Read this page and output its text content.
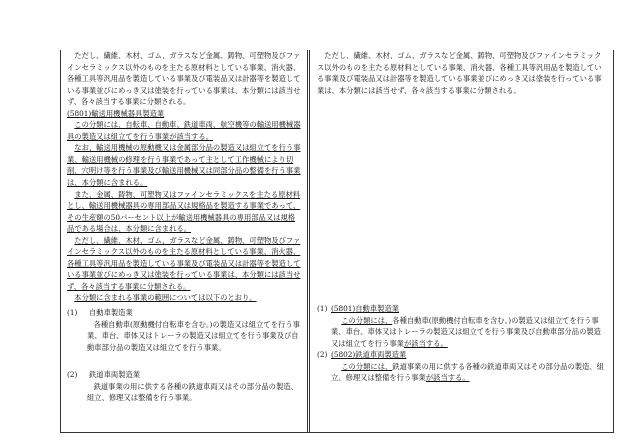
ただし、繊維、木材、ゴム、ガラスなど金属、鋳物、可塑物及びファインセラミックス以外のものを主たる原材料としている事業、消火器、各種工具等汎用品を製造している事業及び電装品又は計器等を製造している事業並びにめっき又は塗装を行っている事業は、本分類には該当せず、各々該当する事業に分類される。

(5801)輸送用機械器具製造業

この分類には、自転車、自動車、鉄道車両、航空機等の輸送用機械器具の製造又は組立てを行う事業が該当する。

なお、輸送用機械の原動機又は金属部分品の製造又は組立てを行う事業、輸送用機械の修理を行う事業であって主として工作機械により切削、穴明け等を行う事業及び輸送用機械又は同部分品の整備を行う事業は、本分類に含まれる。

また、金属、鋳物、可塑物又はファインセラミックスを主たる原材料とし、輸送用機械器具の専用部品又は規格品を製造する事業であって、その生産額の50パーセント以上が輸送用機械器具の専用部品又は規格品である場合は、本分類に含まれる。

ただし、繊維、木材、ゴム、ガラスなど金属、鋳物、可塑物及びファインセラミックス以外のものを主たる原材料としている事業、消火器、各種工具等汎用品を製造している事業及び電装品又は計器等を製造している事業並びにめっき又は塗装を行っている事業は、本分類には該当せず、各々該当する事業に分類される。

本分類に含まれる事業の範囲については以下のとおり。

(1)	自動車製造業

各種自動車(原動機付自転車を含む。)の製造又は組立てを行う事業、車台、車体又はトレーラの製造又は組立てを行う事業及び自動車部分品の製造又は組立てを行う事業。

(2)	鉄道車両製造業

鉄道事業の用に供する各種の鉄道車両又はその部分品の製造、組立、修理又は整備を行う事業。

ただし、繊維、木材、ゴム、ガラスなど金属、鋳物、可塑物及びファインセラミックス以外のものを主たる原材料としている事業、消火器、各種工具等汎用品を製造している事業及び電装品又は計器等を製造している事業並びにめっき又は塗装を行っている事業は、本分類には該当せず、各々該当する事業に分類される。

(1) (5801)自動車製造業

この分類には、各種自動車(原動機付自転車を含む。)の製造又は組立てを行う事業、車台、車体又はトレーラの製造又は組立てを行う事業及び自動車部分品の製造又は組立てを行う事業が該当する。

(2) (5802)鉄道車両製造業

この分類には、鉄道事業の用に供する各種の鉄道車両又はその部分品の製造、組立、修理又は整備を行う事業が該当する。
